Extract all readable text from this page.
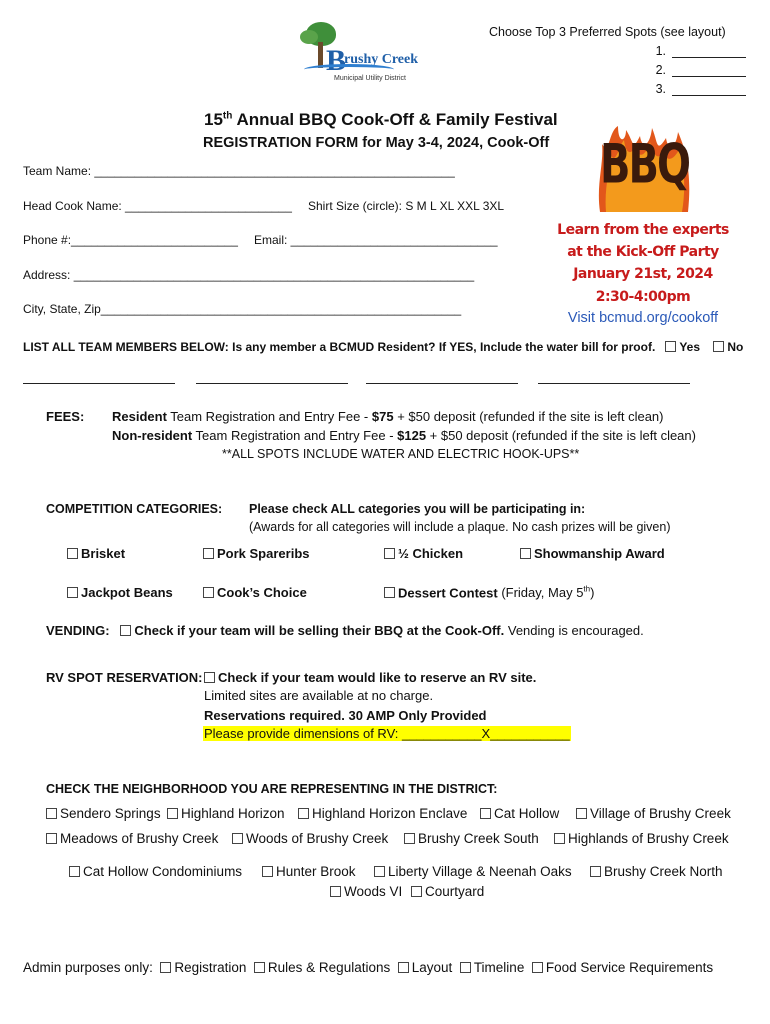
B
rushy Creek
Municipal Utility District
Choose Top 3 Preferred Spots (see layout)
1.
2.
3.
15th Annual BBQ Cook-Off & Family Festival
REGISTRATION FORM for May 3-4, 2024, Cook-Off BBQ
Learn from the experts
at the Kick-Off Party
January 21st, 2024
2:30-4:00pm
Visit bcmud.org/cookoff
Team Name: ______________________________________________________
Head Cook Name: _________________________ Shirt Size (circle): S M L XL XXL 3XL
Phone #:_________________________ Email: _______________________________
Address: ____________________________________________________________
City, State, Zip______________________________________________________
LIST ALL TEAM MEMBERS BELOW: Is any member a BCMUD Resident? If YES, Include the water bill for proof. Yes No
FEES: Resident Team Registration and Entry Fee - $75 + $50 deposit (refunded if the site is left clean)
Non-resident Team Registration and Entry Fee - $125 + $50 deposit (refunded if the site is left clean)
**ALL SPOTS INCLUDE WATER AND ELECTRIC HOOK-UPS**
COMPETITION CATEGORIES: Please check ALL categories you will be participating in:
(Awards for all categories will include a plaque. No cash prizes will be given)
Brisket	Pork Spareribs	½ Chicken	Showmanship Award
Jackpot Beans	Cook’s Choice	Dessert Contest (Friday, May 5th)
VENDING: Check if your team will be selling their BBQ at the Cook-Off. Vending is encouraged.
RV SPOT RESERVATION:	Check if your team would like to reserve an RV site.
Limited sites are available at no charge.
Reservations required. 30 AMP Only Provided
Please provide dimensions of RV: ___________X___________
CHECK THE NEIGHBORHOOD YOU ARE REPRESENTING IN THE DISTRICT:
Sendero Springs	Highland Horizon	Highland Horizon Enclave	Cat Hollow	Village of Brushy Creek
Meadows of Brushy Creek	Woods of Brushy Creek	Brushy Creek South	Highlands of Brushy Creek
Cat Hollow Condominiums	Hunter Brook	Liberty Village & Neenah Oaks	Brushy Creek North
Woods VI	Courtyard
Admin purposes only: Registration Rules & Regulations Layout Timeline Food Service Requirements
